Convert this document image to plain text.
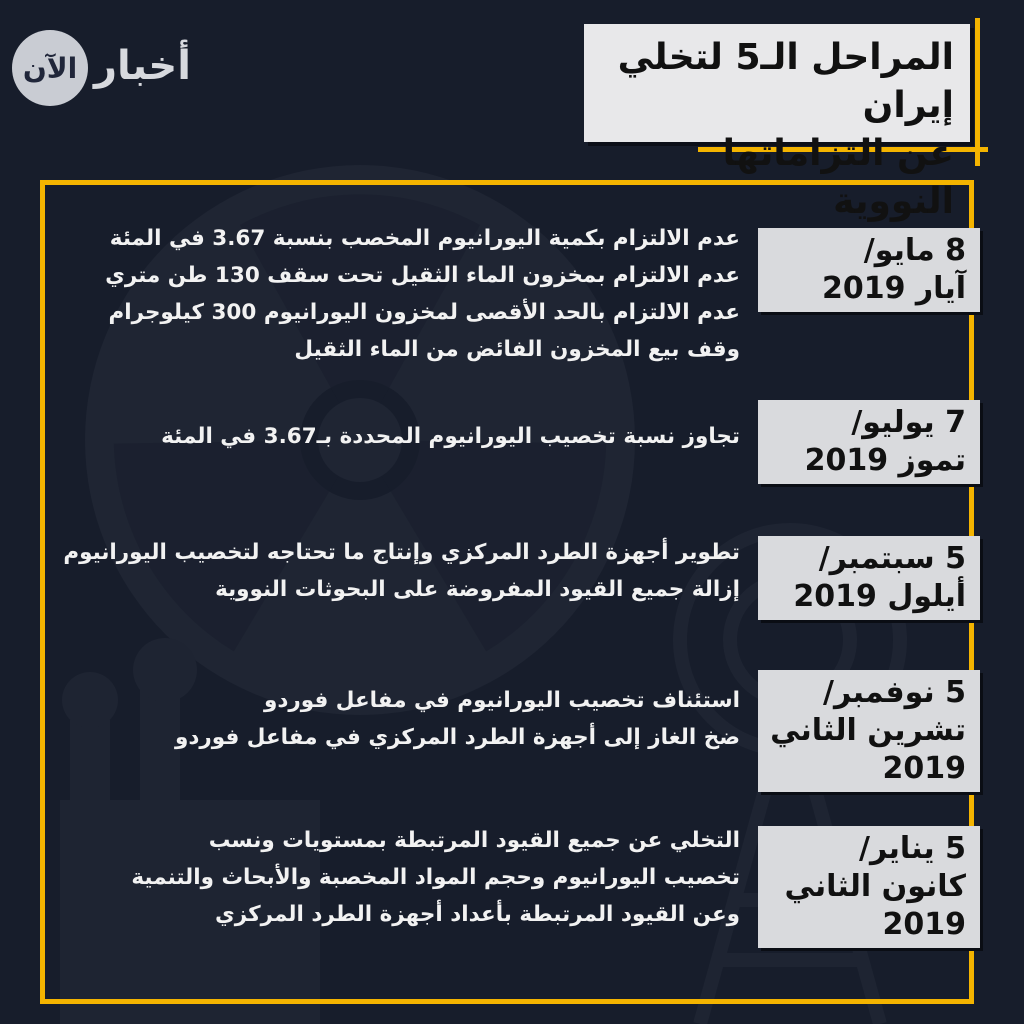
الآن أخبار	المراحل الـ5 لتخلي إيران
عن التزاماتها النووية
8 مايو/
آيار 2019
عدم الالتزام بكمية اليورانيوم المخصب بنسبة 3.67 في المئة
عدم الالتزام بمخزون الماء الثقيل تحت سقف 130 طن متري
عدم الالتزام بالحد الأقصى لمخزون اليورانيوم 300 كيلوجرام
وقف بيع المخزون الفائض من الماء الثقيل
7 يوليو/
تموز 2019
تجاوز نسبة تخصيب اليورانيوم المحددة بـ3.67 في المئة
5 سبتمبر/
أيلول 2019
تطوير أجهزة الطرد المركزي وإنتاج ما تحتاجه لتخصيب اليورانيوم
إزالة جميع القيود المفروضة على البحوثات النووية
5 نوفمبر/
تشرين الثاني
2019
استئناف تخصيب اليورانيوم في مفاعل فوردو
ضخ الغاز إلى أجهزة الطرد المركزي في مفاعل فوردو
5 يناير/
كانون الثاني
2019
التخلي عن جميع القيود المرتبطة بمستويات ونسب
تخصيب اليورانيوم وحجم المواد المخصبة والأبحاث والتنمية
وعن القيود المرتبطة بأعداد أجهزة الطرد المركزي
